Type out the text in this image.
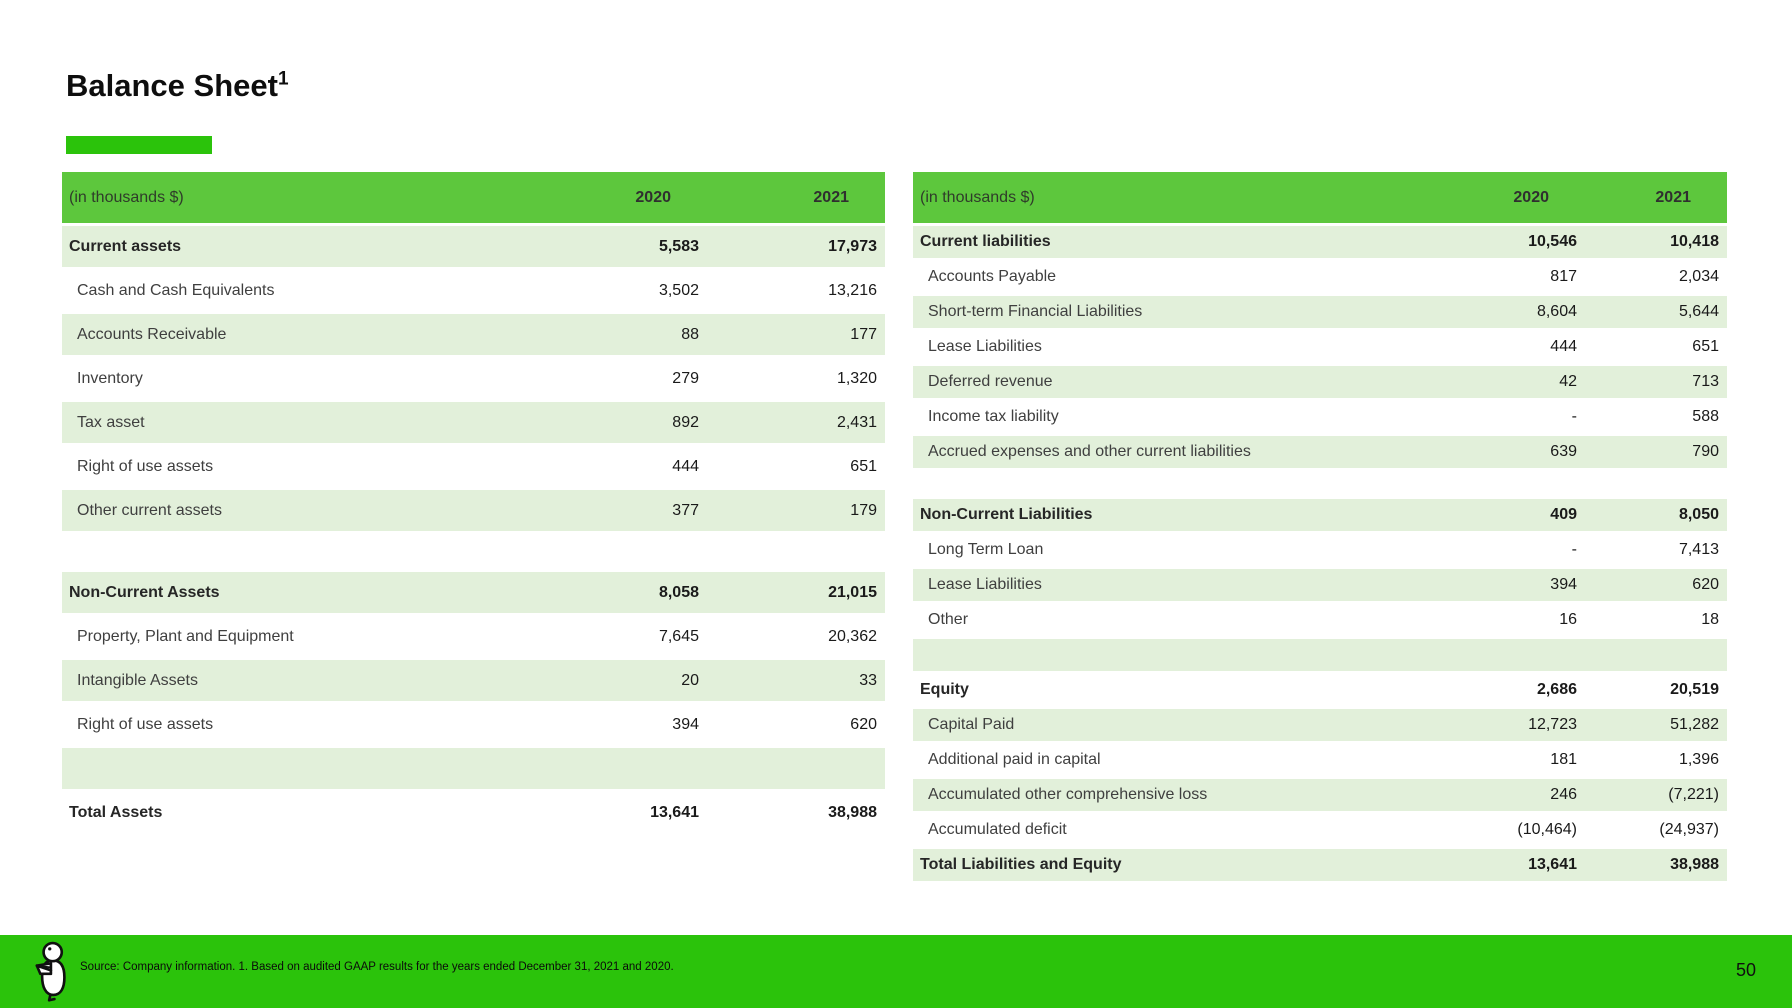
Balance Sheet$^1$
(in thousands $)	2020	2021
Current assets	5,583	17,973
Cash and Cash Equivalents	3,502	13,216
Accounts Receivable	88	177
Inventory	279	1,320
Tax asset	892	2,431
Right of use assets	444	651
Other current assets	377	179
Non-Current Assets	8,058	21,015
Property, Plant and Equipment	7,645	20,362
Intangible Assets	20	33
Right of use assets	394	620
Total Assets	13,641	38,988
(in thousands $)	2020	2021
Current liabilities	10,546	10,418
Accounts Payable	817	2,034
Short-term Financial Liabilities	8,604	5,644
Lease Liabilities	444	651
Deferred revenue	42	713
Income tax liability	-	588
Accrued expenses and other current liabilities	639	790
Non-Current Liabilities	409	8,050
Long Term Loan	-	7,413
Lease Liabilities	394	620
Other	16	18
Equity	2,686	20,519
Capital Paid	12,723	51,282
Additional paid in capital	181	1,396
Accumulated other comprehensive loss	246	(7,221)
Accumulated deficit	(10,464)	(24,937)
Total Liabilities and Equity	13,641	38,988
Source: Company information. 1. Based on audited GAAP results for the years ended December 31, 2021 and 2020.	50
